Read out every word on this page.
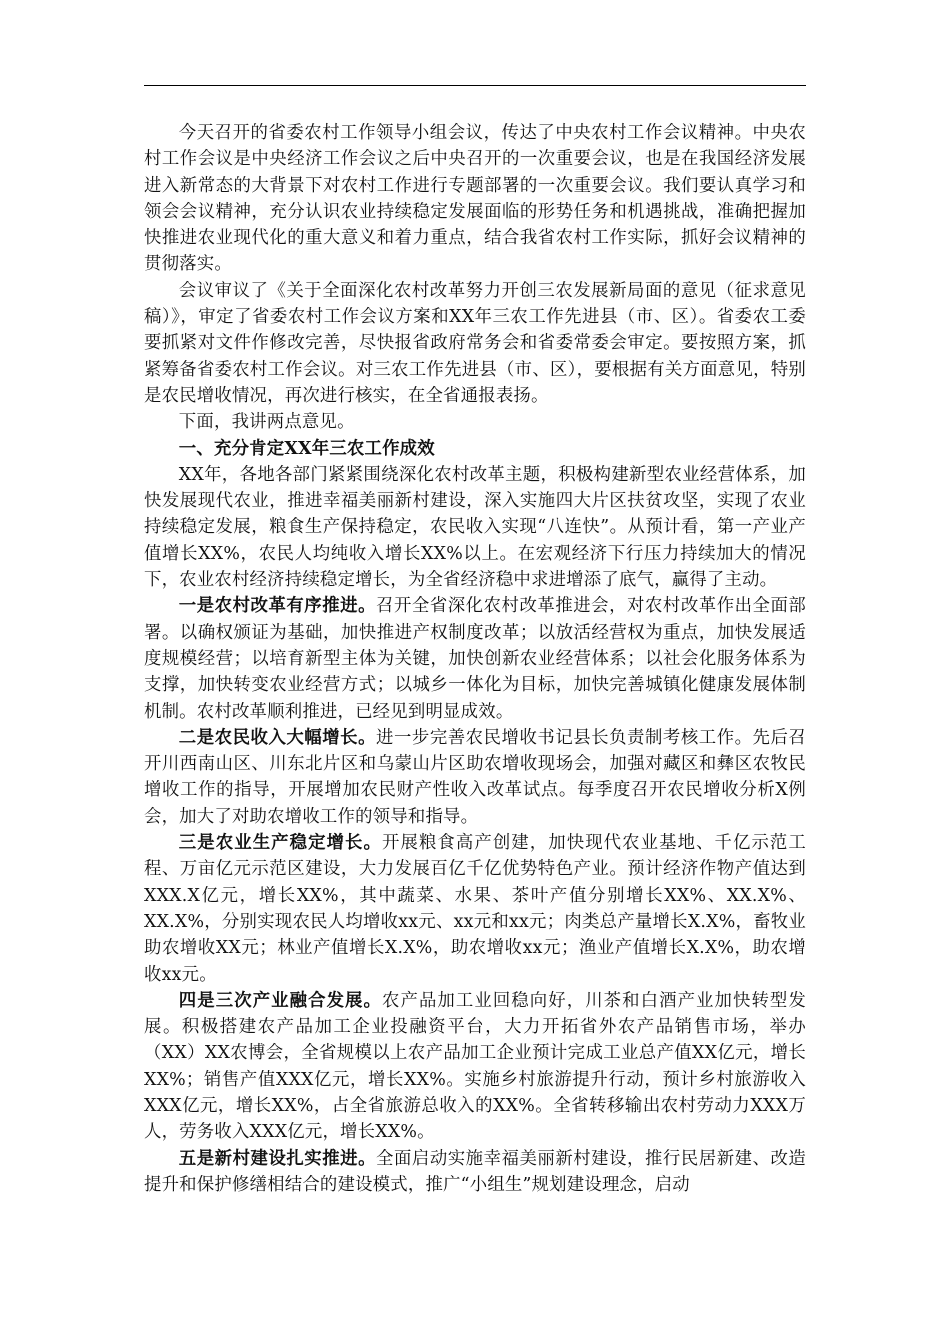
今天召开的省委农村工作领导小组会议，传达了中央农村工作会议精神。中央农村工作会议是中央经济工作会议之后中央召开的一次重要会议，也是在我国经济发展进入新常态的大背景下对农村工作进行专题部署的一次重要会议。我们要认真学习和领会会议精神，充分认识农业持续稳定发展面临的形势任务和机遇挑战，准确把握加快推进农业现代化的重大意义和着力重点，结合我省农村工作实际，抓好会议精神的贯彻落实。

会议审议了《关于全面深化农村改革努力开创三农发展新局面的意见（征求意见稿）》，审定了省委农村工作会议方案和XX年三农工作先进县（市、区）。省委农工委要抓紧对文件作修改完善，尽快报省政府常务会和省委常委会审定。要按照方案，抓紧筹备省委农村工作会议。对三农工作先进县（市、区），要根据有关方面意见，特别是农民增收情况，再次进行核实，在全省通报表扬。

下面，我讲两点意见。

一、充分肯定XX年三农工作成效

XX年，各地各部门紧紧围绕深化农村改革主题，积极构建新型农业经营体系，加快发展现代农业，推进幸福美丽新村建设，深入实施四大片区扶贫攻坚，实现了农业持续稳定发展，粮食生产保持稳定，农民收入实现“八连快”。从预计看，第一产业产值增长XX%，农民人均纯收入增长XX%以上。在宏观经济下行压力持续加大的情况下，农业农村经济持续稳定增长，为全省经济稳中求进增添了底气，赢得了主动。

一是农村改革有序推进。召开全省深化农村改革推进会，对农村改革作出全面部署。以确权颁证为基础，加快推进产权制度改革；以放活经营权为重点，加快发展适度规模经营；以培育新型主体为关键，加快创新农业经营体系；以社会化服务体系为支撑，加快转变农业经营方式；以城乡一体化为目标，加快完善城镇化健康发展体制机制。农村改革顺利推进，已经见到明显成效。

二是农民收入大幅增长。进一步完善农民增收书记县长负责制考核工作。先后召开川西南山区、川东北片区和乌蒙山片区助农增收现场会，加强对藏区和彝区农牧民增收工作的指导，开展增加农民财产性收入改革试点。每季度召开农民增收分析X例会，加大了对助农增收工作的领导和指导。

三是农业生产稳定增长。开展粮食高产创建，加快现代农业基地、千亿示范工程、万亩亿元示范区建设，大力发展百亿千亿优势特色产业。预计经济作物产值达到XXX.X亿元，增长XX%，其中蔬菜、水果、茶叶产值分别增长XX%、XX.X%、XX.X%，分别实现农民人均增收xx元、xx元和xx元；肉类总产量增长X.X%，畜牧业助农增收XX元；林业产值增长X.X%，助农增收xx元；渔业产值增长X.X%，助农增收xx元。

四是三次产业融合发展。农产品加工业回稳向好，川茶和白酒产业加快转型发展。积极搭建农产品加工企业投融资平台，大力开拓省外农产品销售市场，举办（XX）XX农博会，全省规模以上农产品加工企业预计完成工业总产值XX亿元，增长XX%；销售产值XXX亿元，增长XX%。实施乡村旅游提升行动，预计乡村旅游收入XXX亿元，增长XX%，占全省旅游总收入的XX%。全省转移输出农村劳动力XXX万人，劳务收入XXX亿元，增长XX%。

五是新村建设扎实推进。全面启动实施幸福美丽新村建设，推行民居新建、改造提升和保护修缮相结合的建设模式，推广“小组生”规划建设理念，启动
